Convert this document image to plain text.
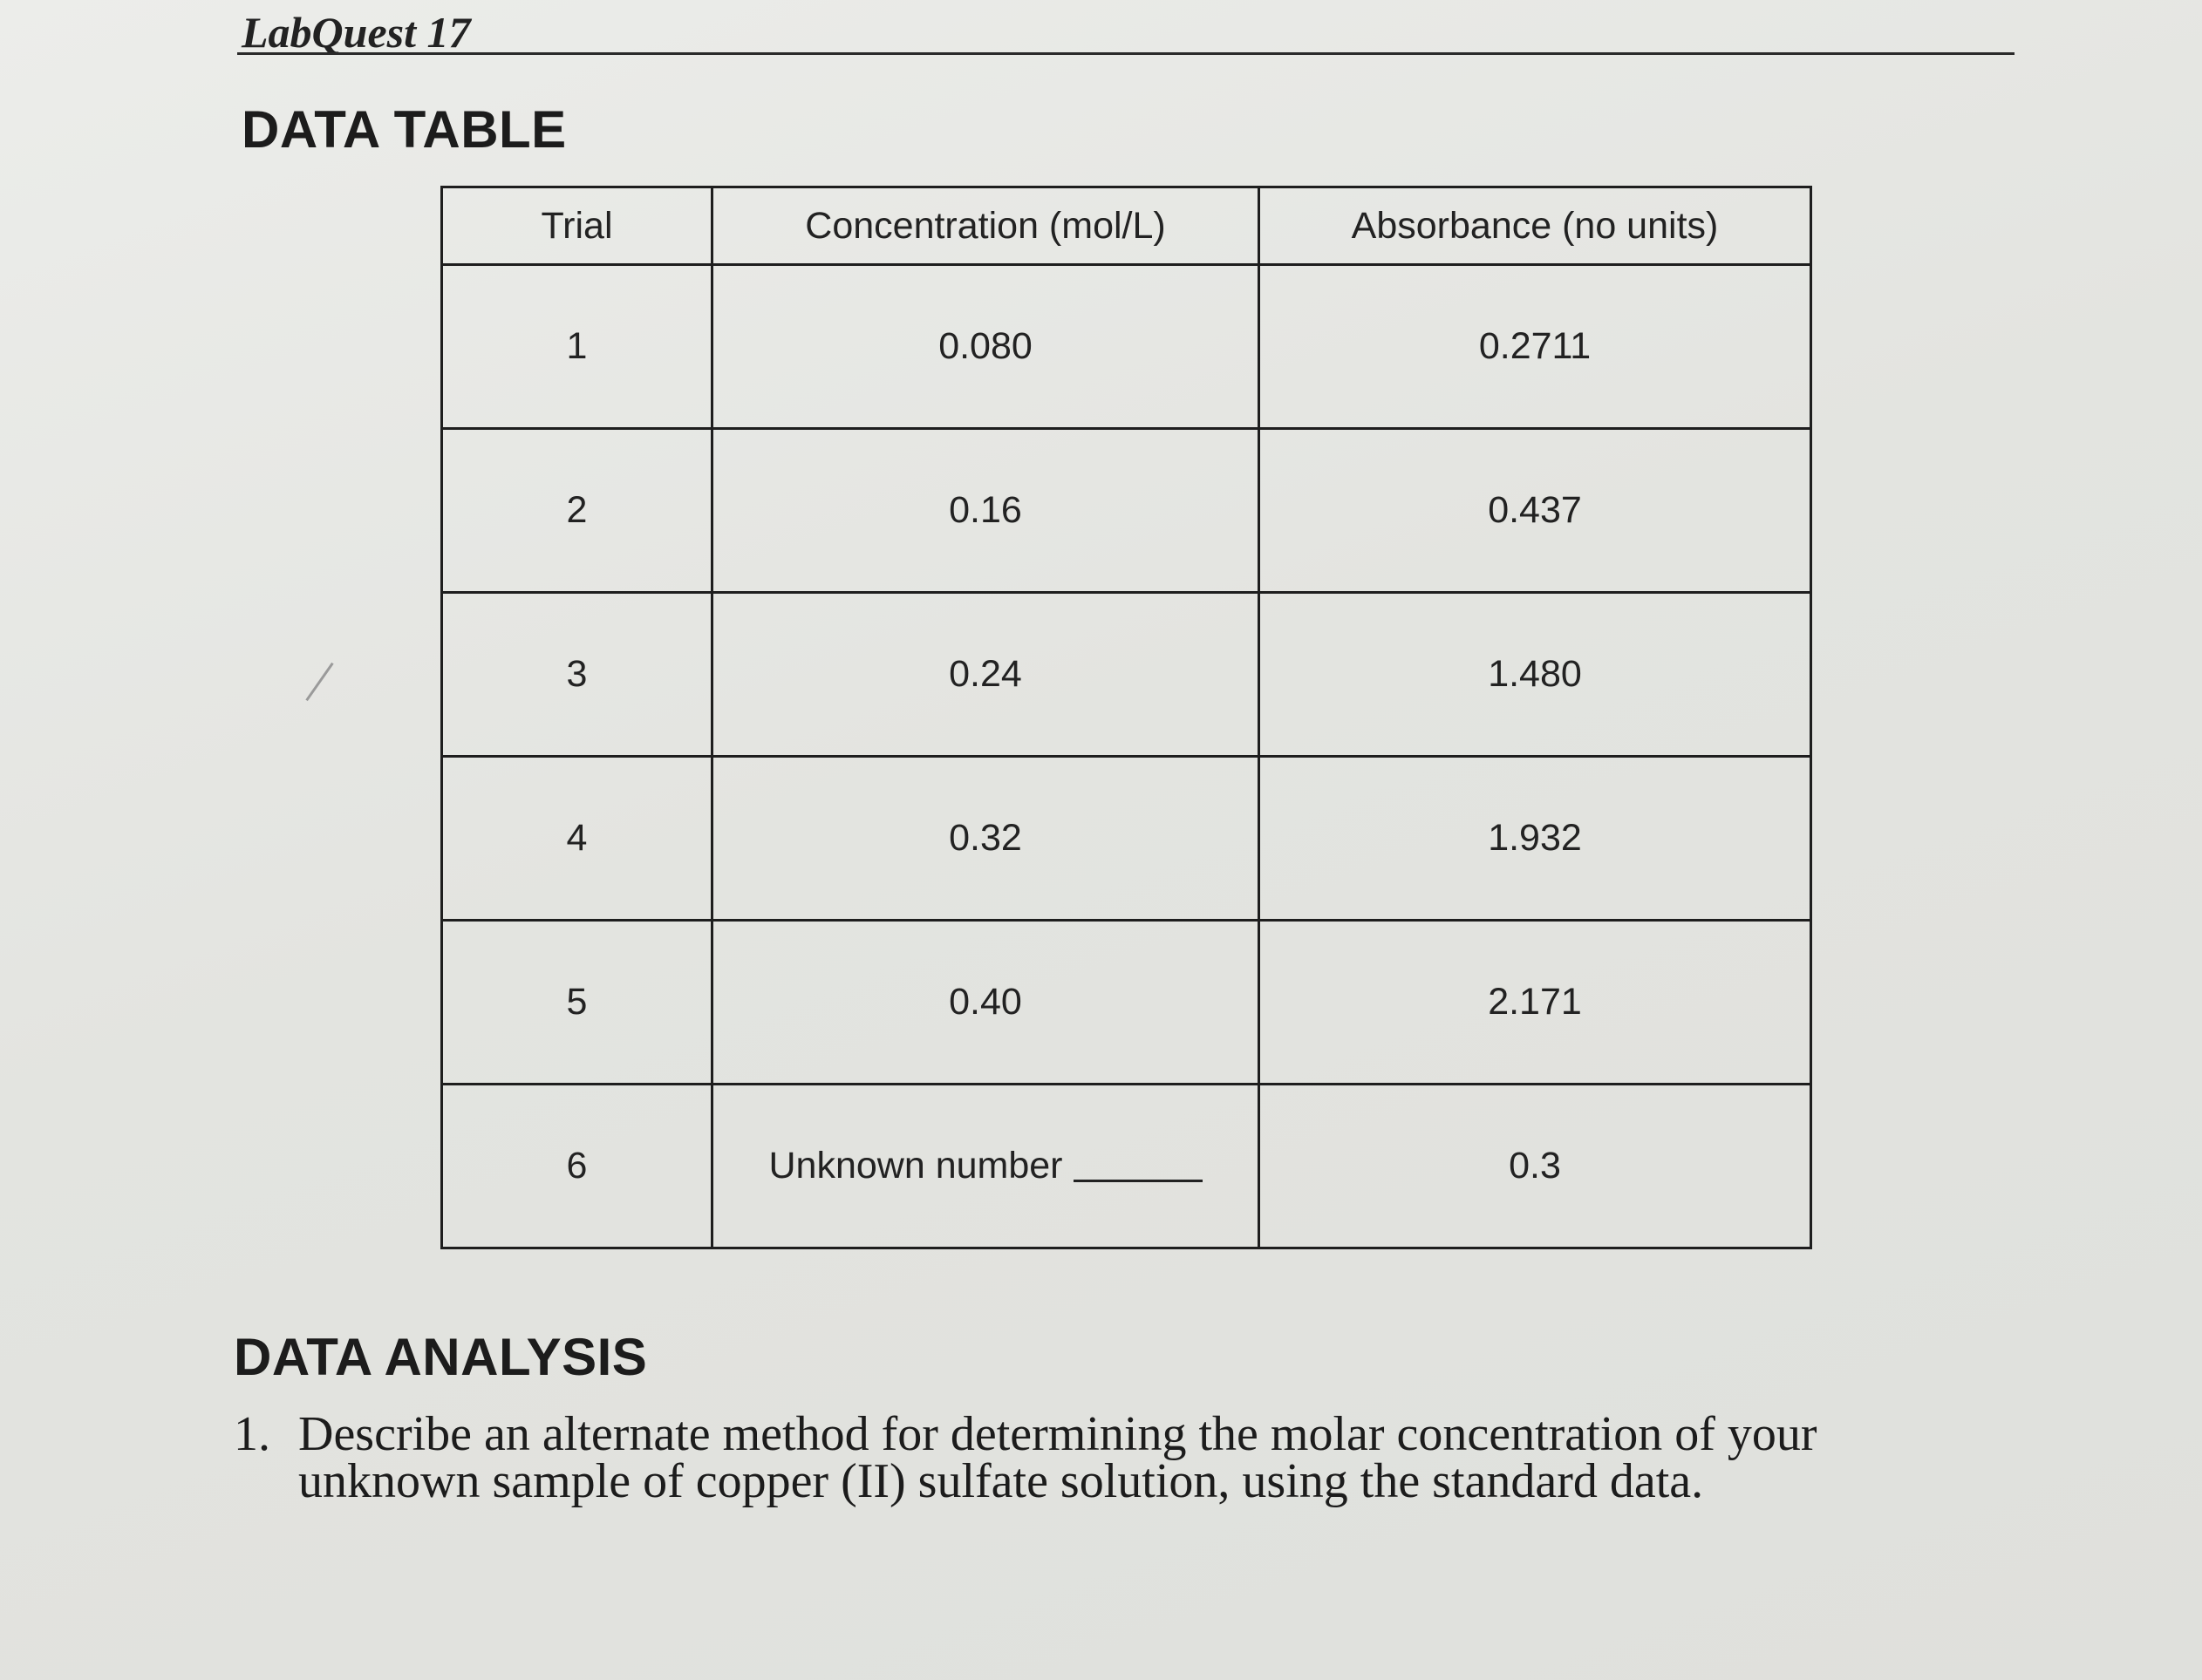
LabQuest 17
DATA TABLE
Trial	Concentration (mol/L)	Absorbance (no units)
1	0.080	0.2711
2	0.16	0.437
3	0.24	1.480
4	0.32	1.932
5	0.40	2.171
6	Unknown number	0.3
DATA ANALYSIS
1. Describe an alternate method for determining the molar concentration of your unknown sample of copper (II) sulfate solution, using the standard data.
